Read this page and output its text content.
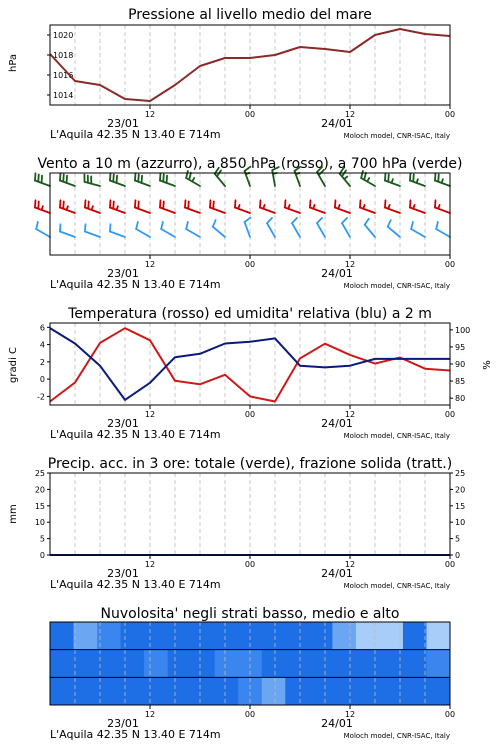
Pressione al livello medio del mare
hPa
1014
1016
1018
1020
12	00	12	00
23/01	24/01
L'Aquila 42.35 N 13.40 E 714m	Moloch model, CNR-ISAC, Italy
Vento a 10 m (azzurro), a 850 hPa (rosso), a 700 hPa (verde)
12	00	12	00
23/01	24/01
L'Aquila 42.35 N 13.40 E 714m	Moloch model, CNR-ISAC, Italy
Temperatura (rosso) ed umidita' relativa (blu) a 2 m
gradi C	%
-2
0
2
4
6
80
85
90
95
100
12	00	12	00
23/01	24/01
L'Aquila 42.35 N 13.40 E 714m	Moloch model, CNR-ISAC, Italy
Precip. acc. in 3 ore: totale (verde), frazione solida (tratt.)
mm
0
5
10
15
20
25
0
5
10
15
20
25
12	00	12	00
23/01	24/01
L'Aquila 42.35 N 13.40 E 714m	Moloch model, CNR-ISAC, Italy
Nuvolosita' negli strati basso, medio e alto
12	00	12	00
23/01	24/01
L'Aquila 42.35 N 13.40 E 714m	Moloch model, CNR-ISAC, Italy
